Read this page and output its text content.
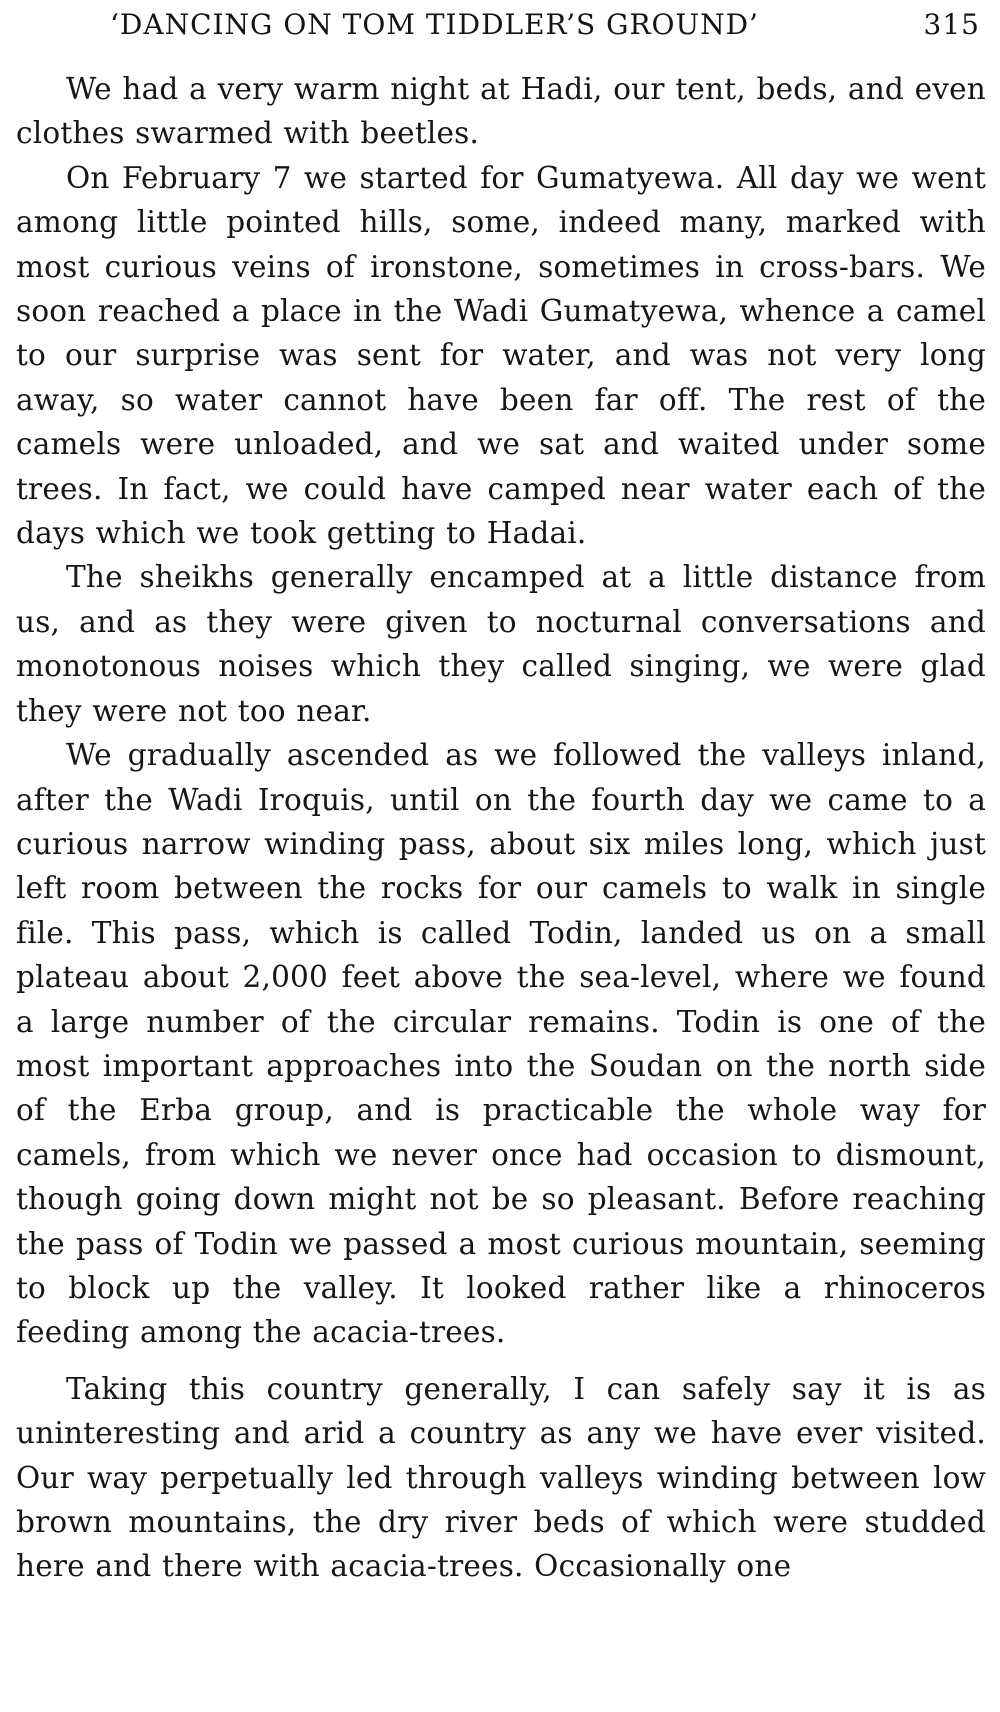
‘DANCING ON TOM TIDDLER’S GROUND’	315

We had a very warm night at Hadi, our tent, beds, and even clothes swarmed with beetles.

On February 7 we started for Gumatyewa. All day we went among little pointed hills, some, indeed many, marked with most curious veins of ironstone, sometimes in cross-bars. We soon reached a place in the Wadi Gumatyewa, whence a camel to our surprise was sent for water, and was not very long away, so water cannot have been far off. The rest of the camels were unloaded, and we sat and waited under some trees. In fact, we could have camped near water each of the days which we took getting to Hadai.

The sheikhs generally encamped at a little distance from us, and as they were given to nocturnal conversations and monotonous noises which they called singing, we were glad they were not too near.

We gradually ascended as we followed the valleys inland, after the Wadi Iroquis, until on the fourth day we came to a curious narrow winding pass, about six miles long, which just left room between the rocks for our camels to walk in single file. This pass, which is called Todin, landed us on a small plateau about 2,000 feet above the sea-level, where we found a large number of the circular remains. Todin is one of the most important approaches into the Soudan on the north side of the Erba group, and is practicable the whole way for camels, from which we never once had occasion to dismount, though going down might not be so pleasant. Before reaching the pass of Todin we passed a most curious mountain, seeming to block up the valley. It looked rather like a rhinoceros feeding among the acacia-trees.

Taking this country generally, I can safely say it is as uninteresting and arid a country as any we have ever visited. Our way perpetually led through valleys winding between low brown mountains, the dry river beds of which were studded here and there with acacia-trees. Occasionally one
